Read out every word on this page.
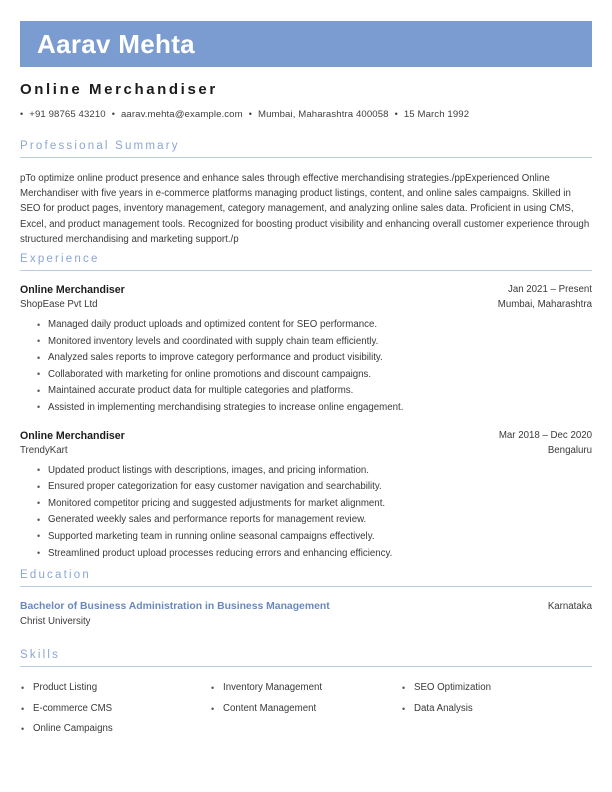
Aarav Mehta
Online Merchandiser
• +91 98765 43210 • aarav.mehta@example.com • Mumbai, Maharashtra 400058 • 15 March 1992
Professional Summary
pTo optimize online product presence and enhance sales through effective merchandising strategies./ppExperienced Online Merchandiser with five years in e-commerce platforms managing product listings, content, and online sales campaigns. Skilled in SEO for product pages, inventory management, category management, and analyzing online sales data. Proficient in using CMS, Excel, and product management tools. Recognized for boosting product visibility and enhancing overall customer experience through structured merchandising and marketing support./p
Experience
Online Merchandiser
ShopEase Pvt Ltd
Jan 2021 – Present
Mumbai, Maharashtra
• Managed daily product uploads and optimized content for SEO performance.
• Monitored inventory levels and coordinated with supply chain team efficiently.
• Analyzed sales reports to improve category performance and product visibility.
• Collaborated with marketing for online promotions and discount campaigns.
• Maintained accurate product data for multiple categories and platforms.
• Assisted in implementing merchandising strategies to increase online engagement.
Online Merchandiser
TrendyKart
Mar 2018 – Dec 2020
Bengaluru
• Updated product listings with descriptions, images, and pricing information.
• Ensured proper categorization for easy customer navigation and searchability.
• Monitored competitor pricing and suggested adjustments for market alignment.
• Generated weekly sales and performance reports for management review.
• Supported marketing team in running online seasonal campaigns effectively.
• Streamlined product upload processes reducing errors and enhancing efficiency.
Education
Bachelor of Business Administration in Business Management
Christ University
Karnataka
Skills
• Product Listing
• E-commerce CMS
• Online Campaigns
• Inventory Management
• Content Management
• SEO Optimization
• Data Analysis
